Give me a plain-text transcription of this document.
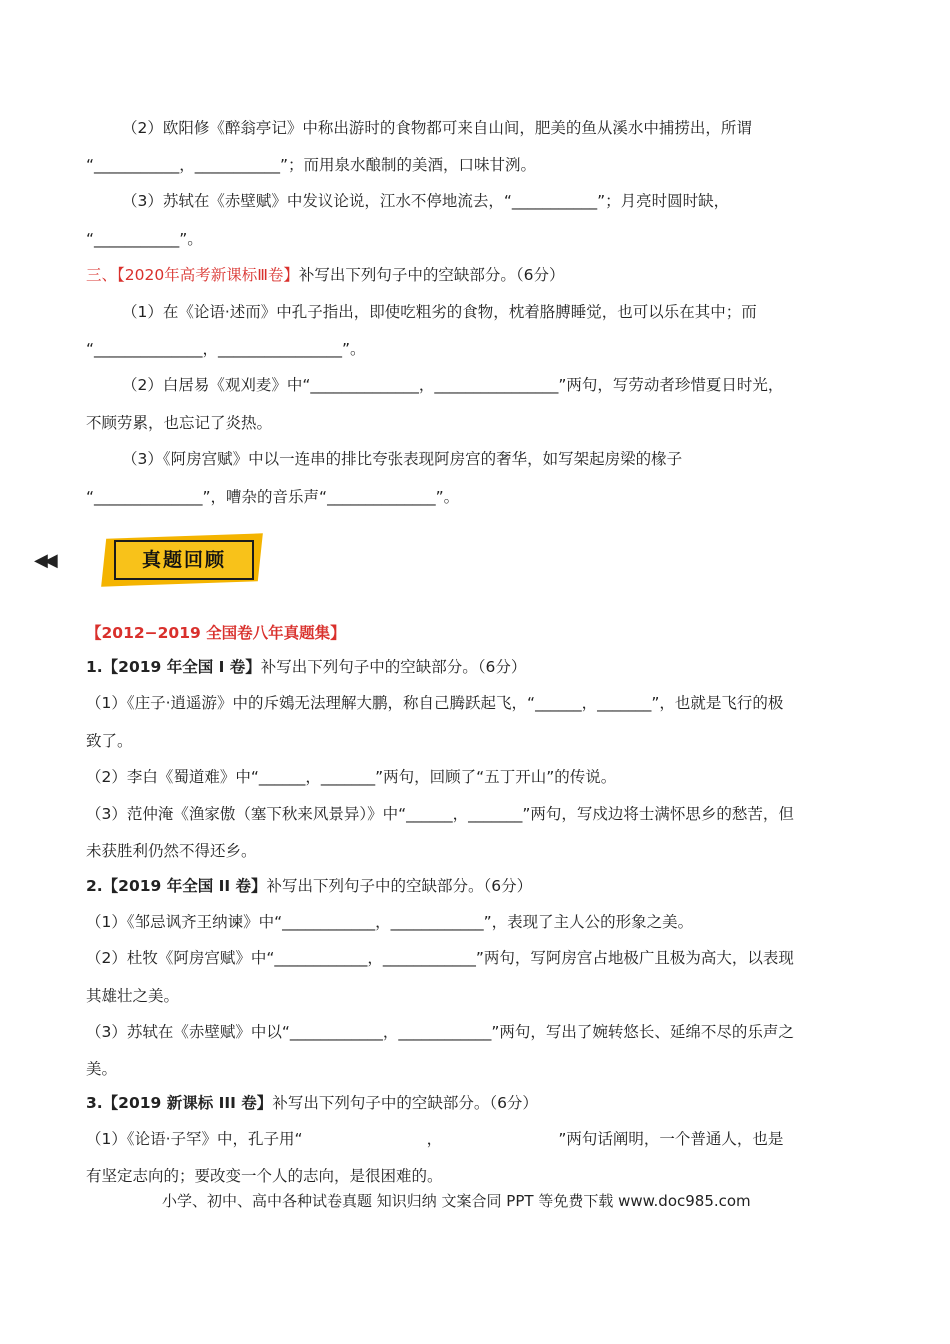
（2）欧阳修《醉翁亭记》中称出游时的食物都可来自山间，肥美的鱼从溪水中捕捞出，所谓
“___________，___________”；而用泉水酿制的美酒，口味甘洌。
（3）苏轼在《赤壁赋》中发议论说，江水不停地流去，“___________”；月亮时圆时缺，
“___________”。
（1）在《论语·述而》中孔子指出，即使吃粗劣的食物，枕着胳膊睡觉，也可以乐在其中；而
“______________，________________”。
（2）白居易《观刈麦》中“______________，________________”两句，写劳动者珍惜夏日时光，
不顾劳累，也忘记了炎热。
（3）《阿房宫赋》中以一连串的排比夸张表现阿房宫的奢华，如写架起房梁的椽子
“______________”，嘈杂的音乐声“______________”。
（1）《庄子·逍遥游》中的斥鴳无法理解大鹏，称自己腾跃起飞，“______，_______”，也就是飞行的极
致了。
（2）李白《蜀道难》中“______，_______”两句，回顾了“五丁开山”的传说。
（3）范仲淹《渔家傲（塞下秋来风景异）》中“______，_______”两句，写戍边将士满怀思乡的愁苦，但
未获胜利仍然不得还乡。
（1）《邹忌讽齐王纳谏》中“____________，____________”，表现了主人公的形象之美。
（2）杜牧《阿房宫赋》中“____________，____________”两句，写阿房宫占地极广且极为高大，以表现
其雄壮之美。
（3）苏轼在《赤壁赋》中以“____________，____________”两句，写出了婉转悠长、延绵不尽的乐声之
美。
（1）《论语·子罕》中，孔子用“　　　　　　　　，　　　　　　　　”两句话阐明，一个普通人，也是
有坚定志向的；要改变一个人的志向，是很困难的。
三、【2020年高考新课标Ⅲ卷】补写出下列句子中的空缺部分。（6分）
◀◀	真题回顾
【2012−2019 全国卷八年真题集】
1.【2019 年全国 I 卷】补写出下列句子中的空缺部分。（6分）
2.【2019 年全国 II 卷】补写出下列句子中的空缺部分。（6分）
3.【2019 新课标 III 卷】补写出下列句子中的空缺部分。（6分）
小学、初中、高中各种试卷真题 知识归纳 文案合同 PPT 等免费下载 www.doc985.com
